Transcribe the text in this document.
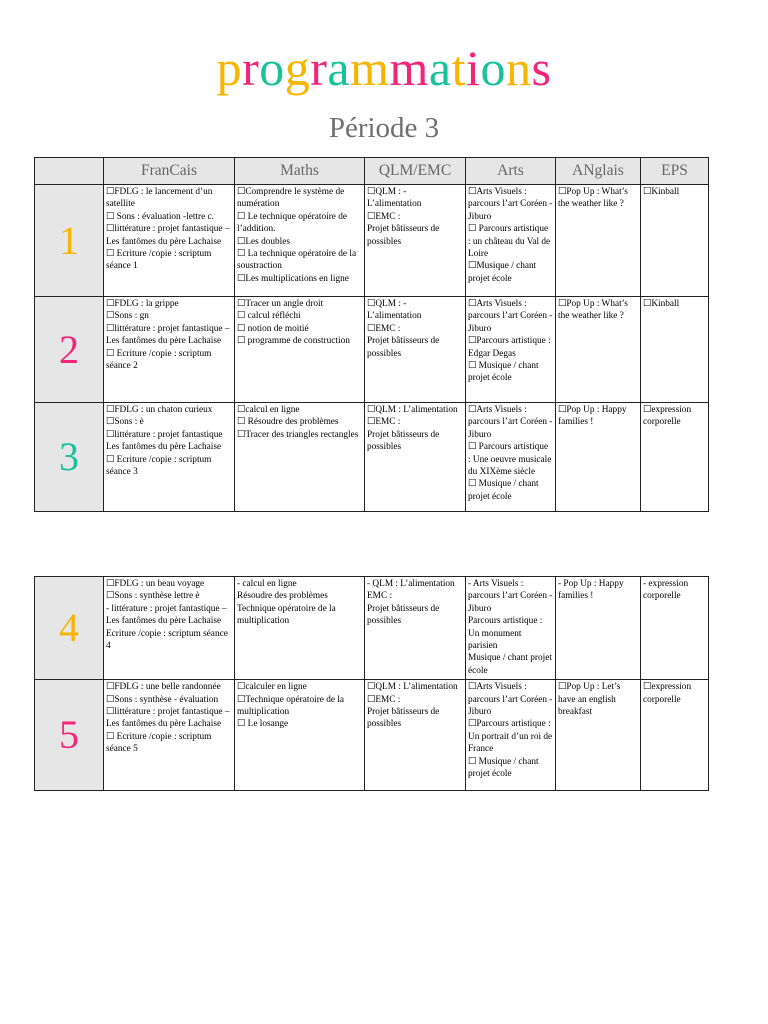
programmations
Période 3
	FranCais	Maths	QLM/EMC	Arts	ANglais	EPS
1	☐FDLG : le lancement d’un satellite
☐ Sons : évaluation -lettre c.
☐littérature : projet fantastique – Les fantômes du père Lachaise
☐ Ecriture /copie : scriptum séance 1	☐Comprendre le système de numération
☐ Le technique opératoire de l’addition.
☐Les doubles
☐ La technique opératoire de la soustraction
☐Les multiplications en ligne	☐QLM : - L’alimentation
☐EMC :
Projet bâtisseurs de possibles	☐Arts Visuels : parcours l’art Coréen - Jiburo
☐ Parcours artistique : un château du Val de Loire
☐Musique / chant projet école	☐Pop Up : What’s the weather like ?	☐Kinball

2	☐FDLG : la grippe
☐Sons : gn
☐littérature : projet fantastique –Les fantômes du père Lachaise
☐ Ecriture /copie : scriptum séance 2	☐Tracer un angle droit
☐ calcul réfléchi
☐ notion de moitié
☐ programme de construction	☐QLM : - L’alimentation
☐EMC :
Projet bâtisseurs de possibles	☐Arts Visuels : parcours l’art Coréen - Jiburo
☐Parcours artistique : Edgar Degas
☐ Musique / chant projet école	☐Pop Up : What’s the weather like ?	☐Kinball

3	☐FDLG : un chaton curieux
☐Sons : è
☐littérature : projet fantastique Les fantômes du père Lachaise
☐ Ecriture /copie : scriptum séance 3	☐calcul en ligne
☐ Résoudre des problèmes
☐Tracer des triangles rectangles	☐QLM : L’alimentation
☐EMC :
Projet bâtisseurs de possibles	☐Arts Visuels : parcours l’art Coréen - Jiburo
☐ Parcours artistique : Une oeuvre musicale du XIXème siècle
☐ Musique / chant projet école	☐Pop Up : Happy families !	☐expression corporelle
4	☐FDLG : un beau voyage
☐Sons : synthèse lettre è
- littérature : projet fantastique – Les fantômes du père Lachaise
Ecriture /copie : scriptum séance 4	- calcul en ligne
Résoudre des problèmes
Technique opératoire de la multiplication	- QLM : L’alimentation
EMC :
Projet bâtisseurs de possibles	- Arts Visuels : parcours l’art Coréen - Jiburo
Parcours artistique : Un monument parisien
Musique / chant projet école	- Pop Up : Happy families !	- expression corporelle

5	☐FDLG : une belle randonnée
☐Sons : synthèse - évaluation
☐littérature : projet fantastique – Les fantômes du père Lachaise
☐ Ecriture /copie : scriptum séance 5	☐calculer en ligne
☐Technique opératoire de la multiplication
☐ Le losange	☐QLM : L’alimentation
☐EMC :
Projet bâtisseurs de possibles	☐Arts Visuels : parcours l’art Coréen - Jiburo
☐Parcours artistique : Un portrait d’un roi de France
☐ Musique / chant projet école	☐Pop Up : Let’s have an english breakfast	☐expression corporelle
